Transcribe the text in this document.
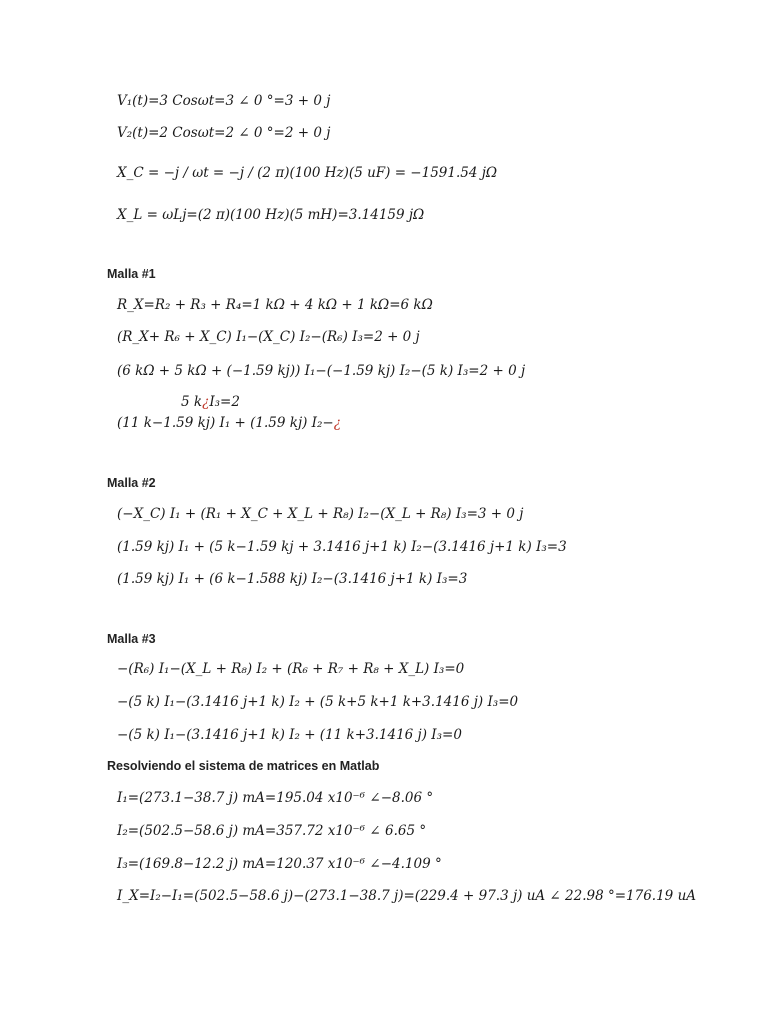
V₁(t)=3 Cosωt=3 ∠ 0 °=3 + 0 j
V₂(t)=2 Cosωt=2 ∠ 0 °=2 + 0 j
X_C = −j / ωt = −j / (2 π)(100 Hz)(5 uF) = −1591.54 jΩ
X_L = ωLj=(2 π)(100 Hz)(5 mH)=3.14159 jΩ
Malla #1
R_X=R₂ + R₃ + R₄=1 kΩ + 4 kΩ + 1 kΩ=6 kΩ
(R_X+ R₆ + X_C) I₁−(X_C) I₂−(R₆) I₃=2 + 0 j
(6 kΩ + 5 kΩ + (−1.59 kj)) I₁−(−1.59 kj) I₂−(5 k) I₃=2 + 0 j
5 k¿I₃=2
(11 k−1.59 kj) I₁ + (1.59 kj) I₂−¿
Malla #2
(−X_C) I₁ + (R₁ + X_C + X_L + R₈) I₂−(X_L + R₈) I₃=3 + 0 j
(1.59 kj) I₁ + (5 k−1.59 kj + 3.1416 j+1 k) I₂−(3.1416 j+1 k) I₃=3
(1.59 kj) I₁ + (6 k−1.588 kj) I₂−(3.1416 j+1 k) I₃=3
Malla #3
−(R₆) I₁−(X_L + R₈) I₂ + (R₆ + R₇ + R₈ + X_L) I₃=0
−(5 k) I₁−(3.1416 j+1 k) I₂ + (5 k+5 k+1 k+3.1416 j) I₃=0
−(5 k) I₁−(3.1416 j+1 k) I₂ + (11 k+3.1416 j) I₃=0
Resolviendo el sistema de matrices en Matlab
I₁=(273.1−38.7 j) mA=195.04 x10⁻⁶ ∠−8.06 °
I₂=(502.5−58.6 j) mA=357.72 x10⁻⁶ ∠ 6.65 °
I₃=(169.8−12.2 j) mA=120.37 x10⁻⁶ ∠−4.109 °
I_X=I₂−I₁=(502.5−58.6 j)−(273.1−38.7 j)=(229.4 + 97.3 j) uA ∠ 22.98 °=176.19 uA
